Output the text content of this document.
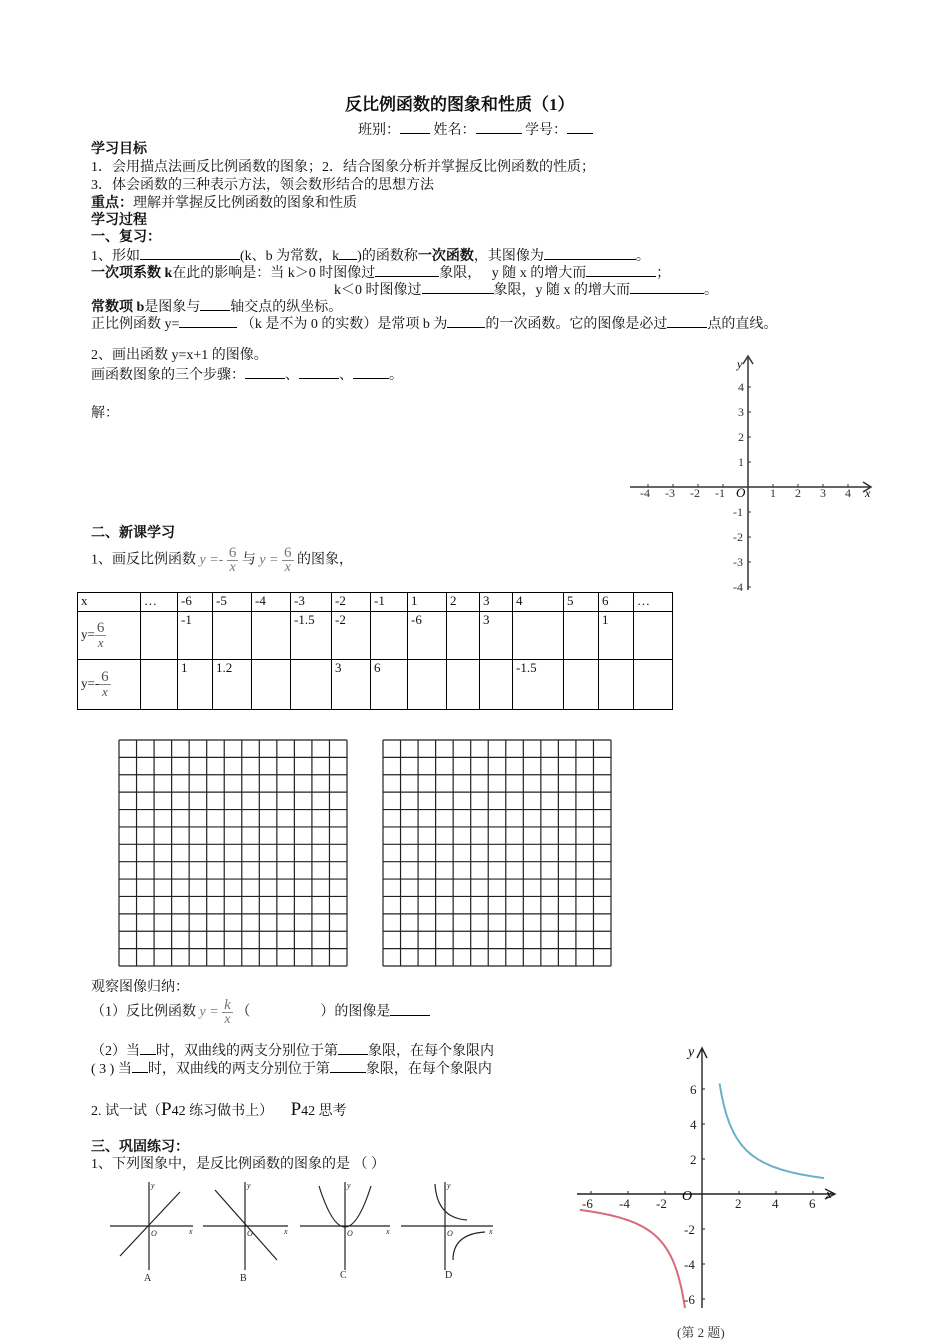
反比例函数的图象和性质（1）
班别： 姓名：	学号：
学习目标
1．会用描点法画反比例函数的图象；2．结合图象分析并掌握反比例函数的性质；
3．体会函数的三种表示方法，领会数形结合的思想方法
重点：理解并掌握反比例函数的图象和性质
学习过程
一、复习：
1、形如	(k、b 为常数，k )的函数称一次函数，其图像为	。
一次项系数 k在此的影响是：当 k＞0 时图像过	象限， y 随 x 的增大而	；
k＜0 时图像过	象限，y 随 x 的增大而	。
常数项 b是图象与 轴交点的纵坐标。
正比例函数 y=	（k 是不为 0 的实数）是常项 b 为	的一次函数。它的图像是必过	点的直线。
2、画出函数 y=x+1 的图像。
画函数图象的三个步骤：	、	、	。
解：
y
x
O
-4 -3 -2 -1	1 2 3 4
4
3
2
1
-1
-2
-3
-4
二、新课学习
1、画反比例函数 $y =- \frac{6}{x}$ 与 $y = \frac{6}{x}$ 的图象，
x	…	-6	-5	-4	-3	-2	-1	1	2	3	4	5	6	…
$y= \frac{6}{x}$		-1			-1.5	-2		-6		3			1	
$y=- \frac{6}{x}$		1	1.2			3	6				-1.5			
观察图像归纳：
（1）反比例函数 $y = \frac{k}{x}$ （	）的图像是
（2）当 时，双曲线的两支分别位于第 象限，在每个象限内
( 3 ) 当 时，双曲线的两支分别位于第	象限，在每个象限内
2. 试一试（P42 练习做书上） P42 思考
三、巩固练习：
1、下列图象中，是反比例函数的图象的是 （ ）
y
x
O
y
x
O
y
x
O
y
x
O
A	B	C	D
y
x
O
-6 -4 -2	2 4 6
6
4
2
-2
-4
-6
(第 2 题)
